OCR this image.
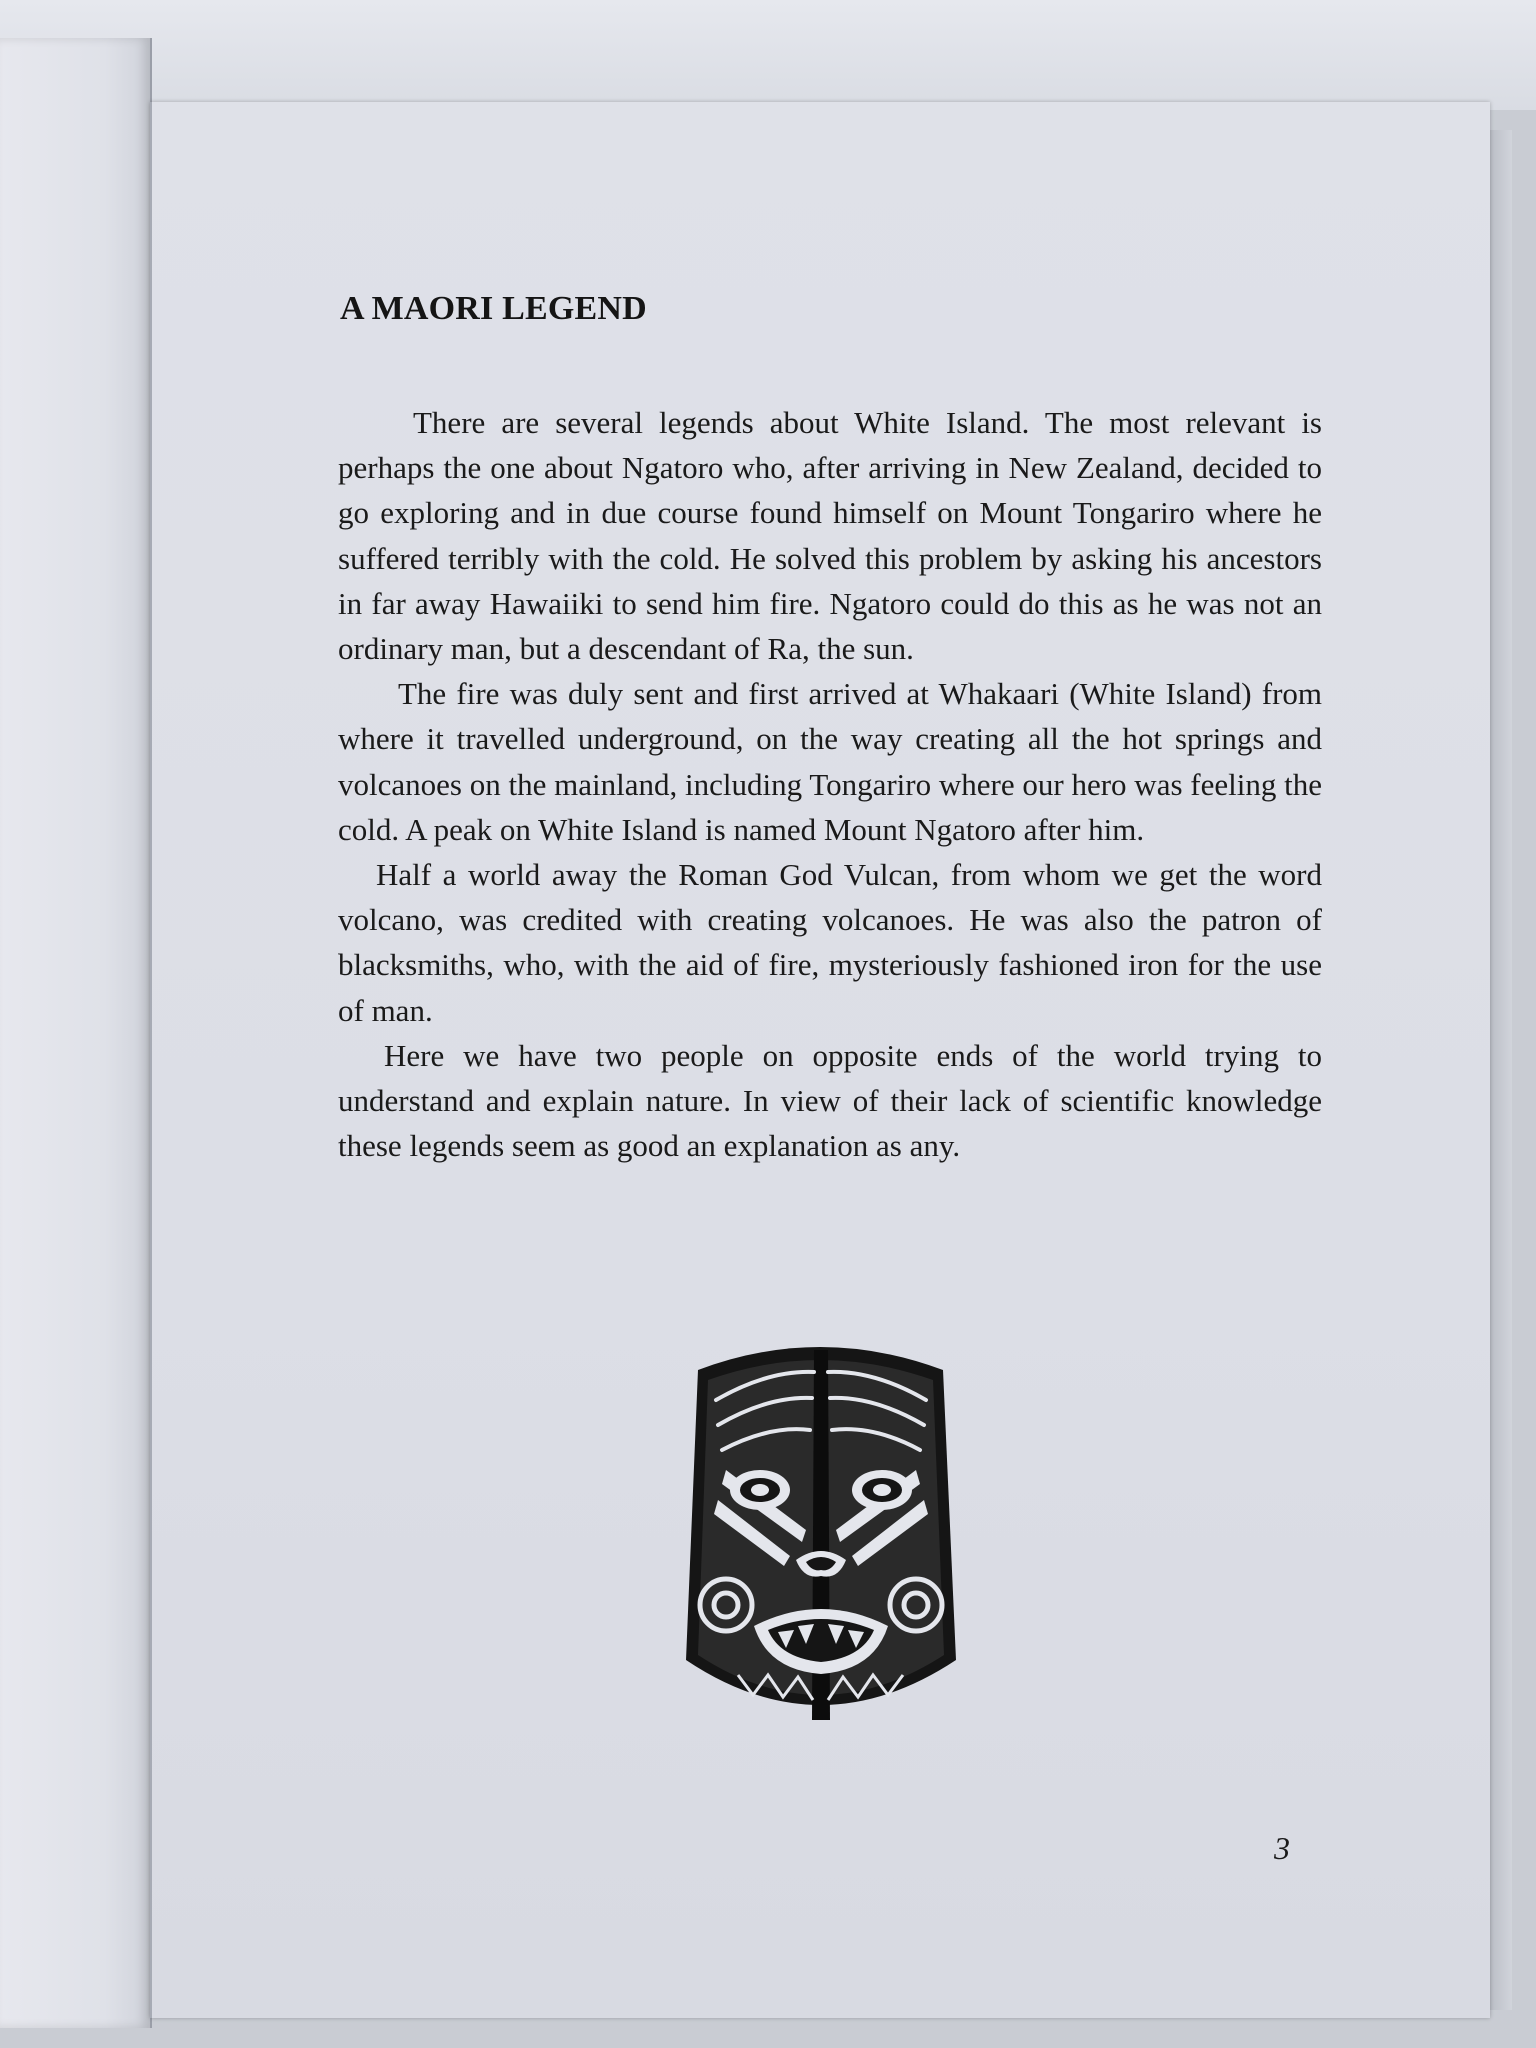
A MAORI LEGEND

There are several legends about White Island. The most relevant is perhaps the one about Ngatoro who, after arriving in New Zealand, decided to go exploring and in due course found himself on Mount Tongariro where he suffered terribly with the cold. He solved this problem by asking his ancestors in far away Hawaiiki to send him fire. Ngatoro could do this as he was not an ordinary man, but a descendant of Ra, the sun.

The fire was duly sent and first arrived at Whakaari (White Island) from where it travelled underground, on the way creating all the hot springs and volcanoes on the mainland, including Tongariro where our hero was feeling the cold. A peak on White Island is named Mount Ngatoro after him.

Half a world away the Roman God Vulcan, from whom we get the word volcano, was credited with creating volcanoes. He was also the patron of blacksmiths, who, with the aid of fire, mysteriously fashioned iron for the use of man.

Here we have two people on opposite ends of the world trying to understand and explain nature. In view of their lack of scientific knowledge these legends seem as good an explanation as any.

3
